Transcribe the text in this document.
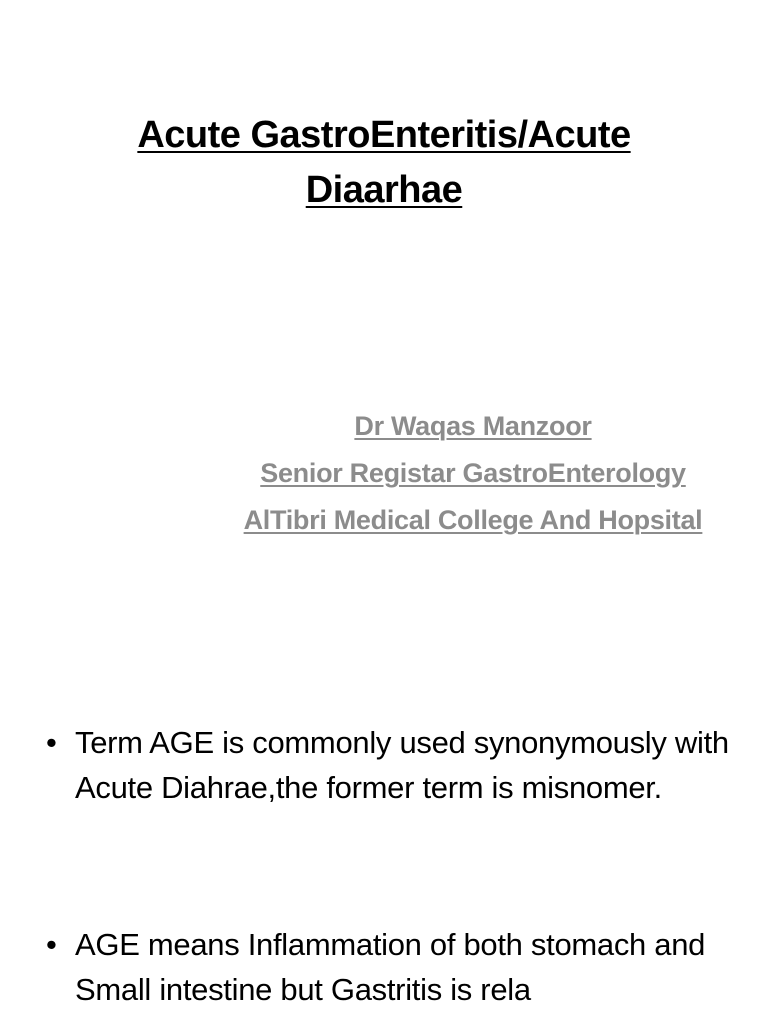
Acute GastroEnteritis/Acute
Diaarhae
Dr Waqas Manzoor
Senior Registar GastroEnterology
AlTibri Medical College And Hopsital
• Term AGE is commonly used synonymously with Acute Diahrae,the former term is misnomer.
• AGE means Inflammation of both stomach and Small intestine but Gastritis is rela
